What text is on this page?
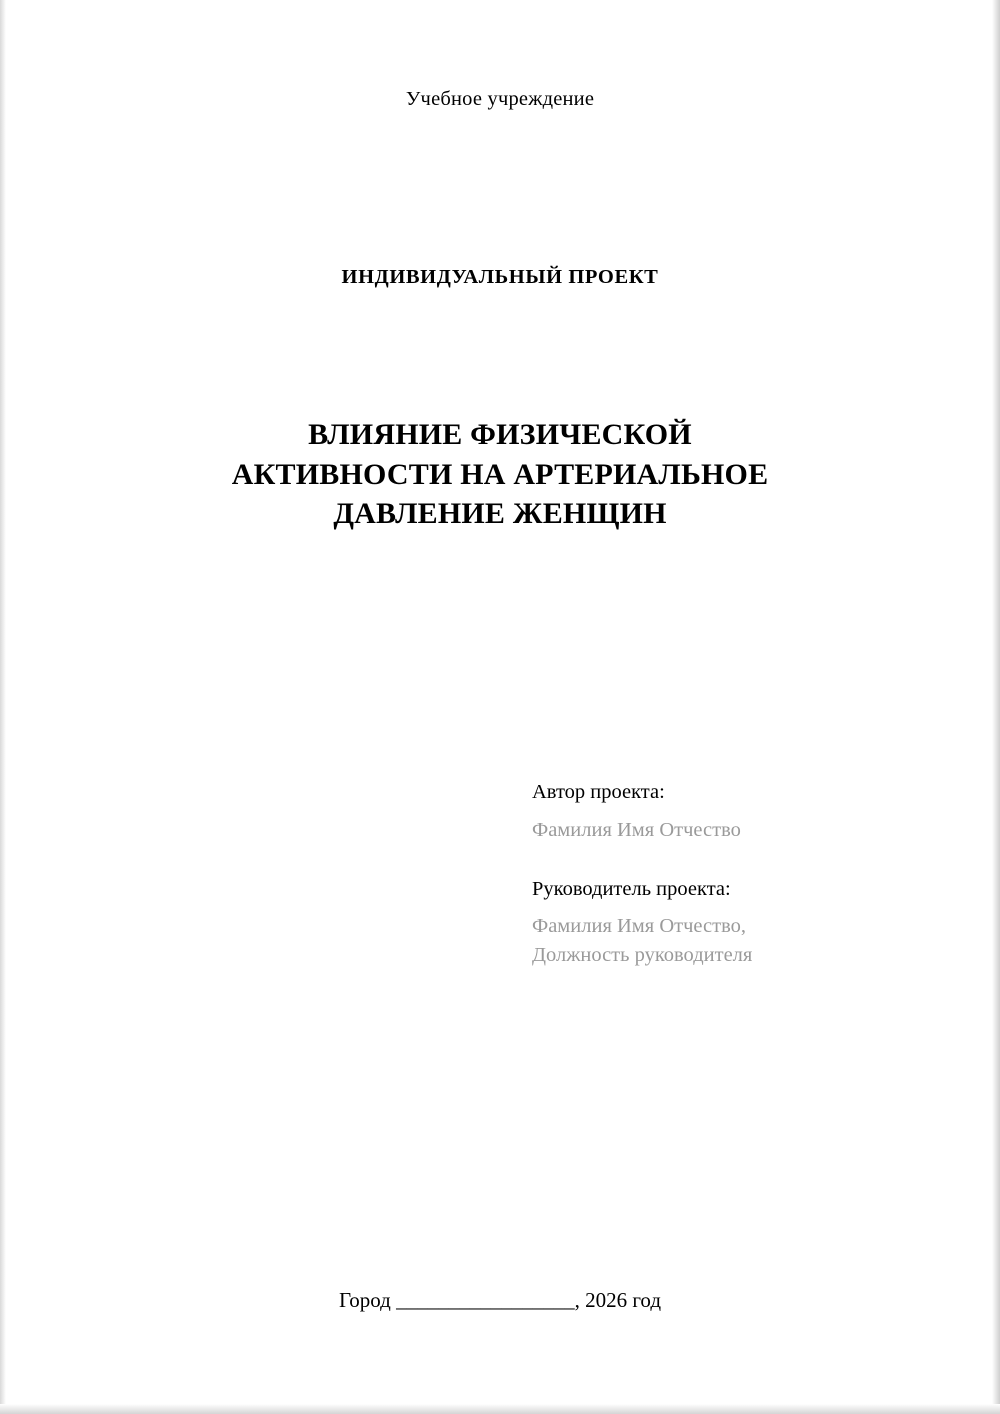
Учебное учреждение
ИНДИВИДУАЛЬНЫЙ ПРОЕКТ
ВЛИЯНИЕ ФИЗИЧЕСКОЙ
АКТИВНОСТИ НА АРТЕРИАЛЬНОЕ
ДАВЛЕНИЕ ЖЕНЩИН
Автор проекта:
Фамилия Имя Отчество
Руководитель проекта:
Фамилия Имя Отчество,
Должность руководителя
Город _________________, 2026 год
